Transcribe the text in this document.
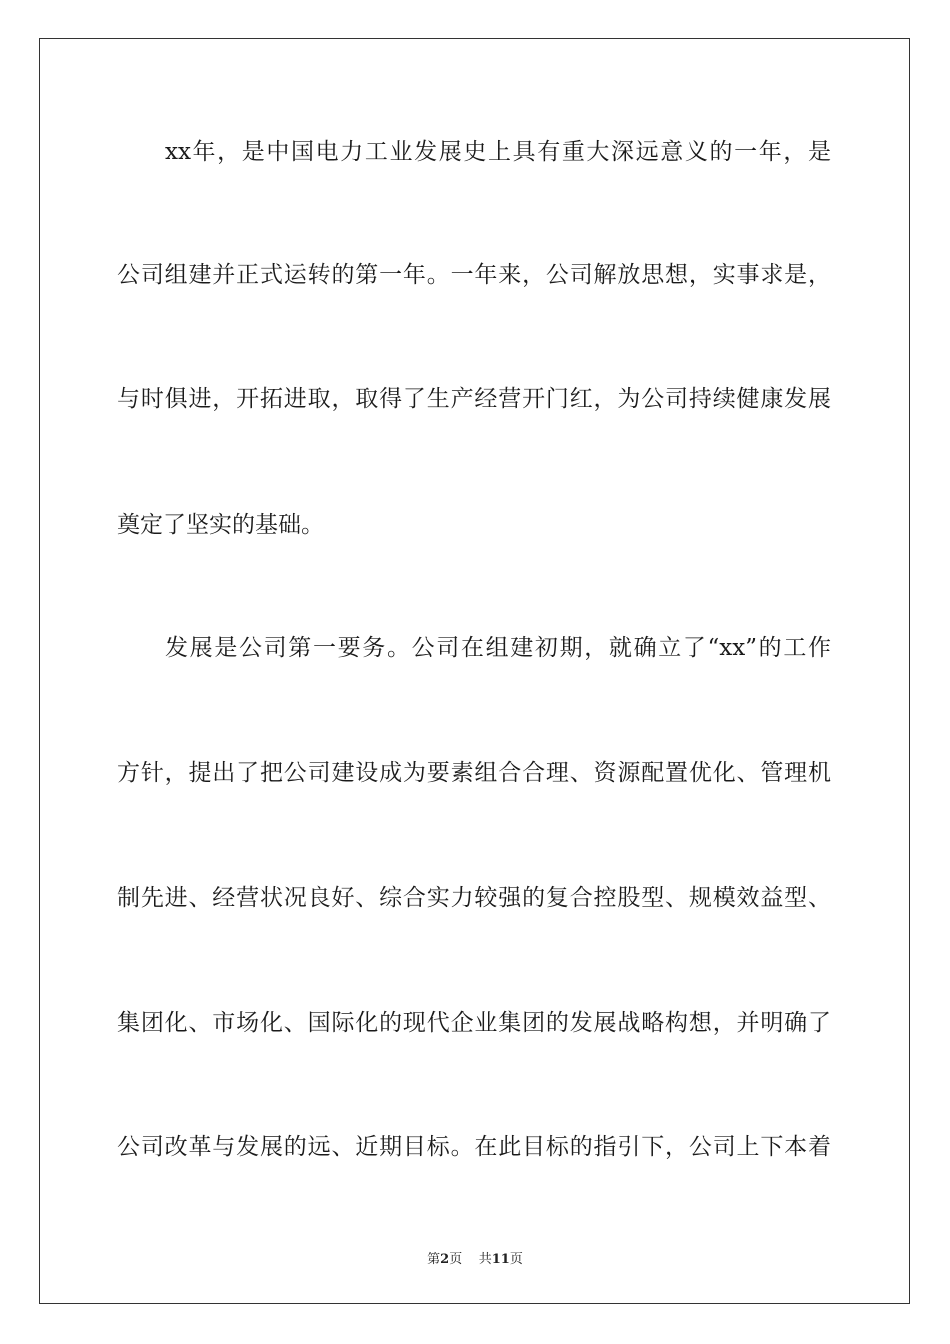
xx年，是中国电力工业发展史上具有重大深远意义的一年，是
公司组建并正式运转的第一年。一年来，公司解放思想，实事求是，
与时俱进，开拓进取，取得了生产经营开门红，为公司持续健康发展
奠定了坚实的基础。
发展是公司第一要务。公司在组建初期，就确立了“xx”的工作
方针，提出了把公司建设成为要素组合合理、资源配置优化、管理机
制先进、经营状况良好、综合实力较强的复合控股型、规模效益型、
集团化、市场化、国际化的现代企业集团的发展战略构想，并明确了
公司改革与发展的远、近期目标。在此目标的指引下，公司上下本着
第2页    共11页
